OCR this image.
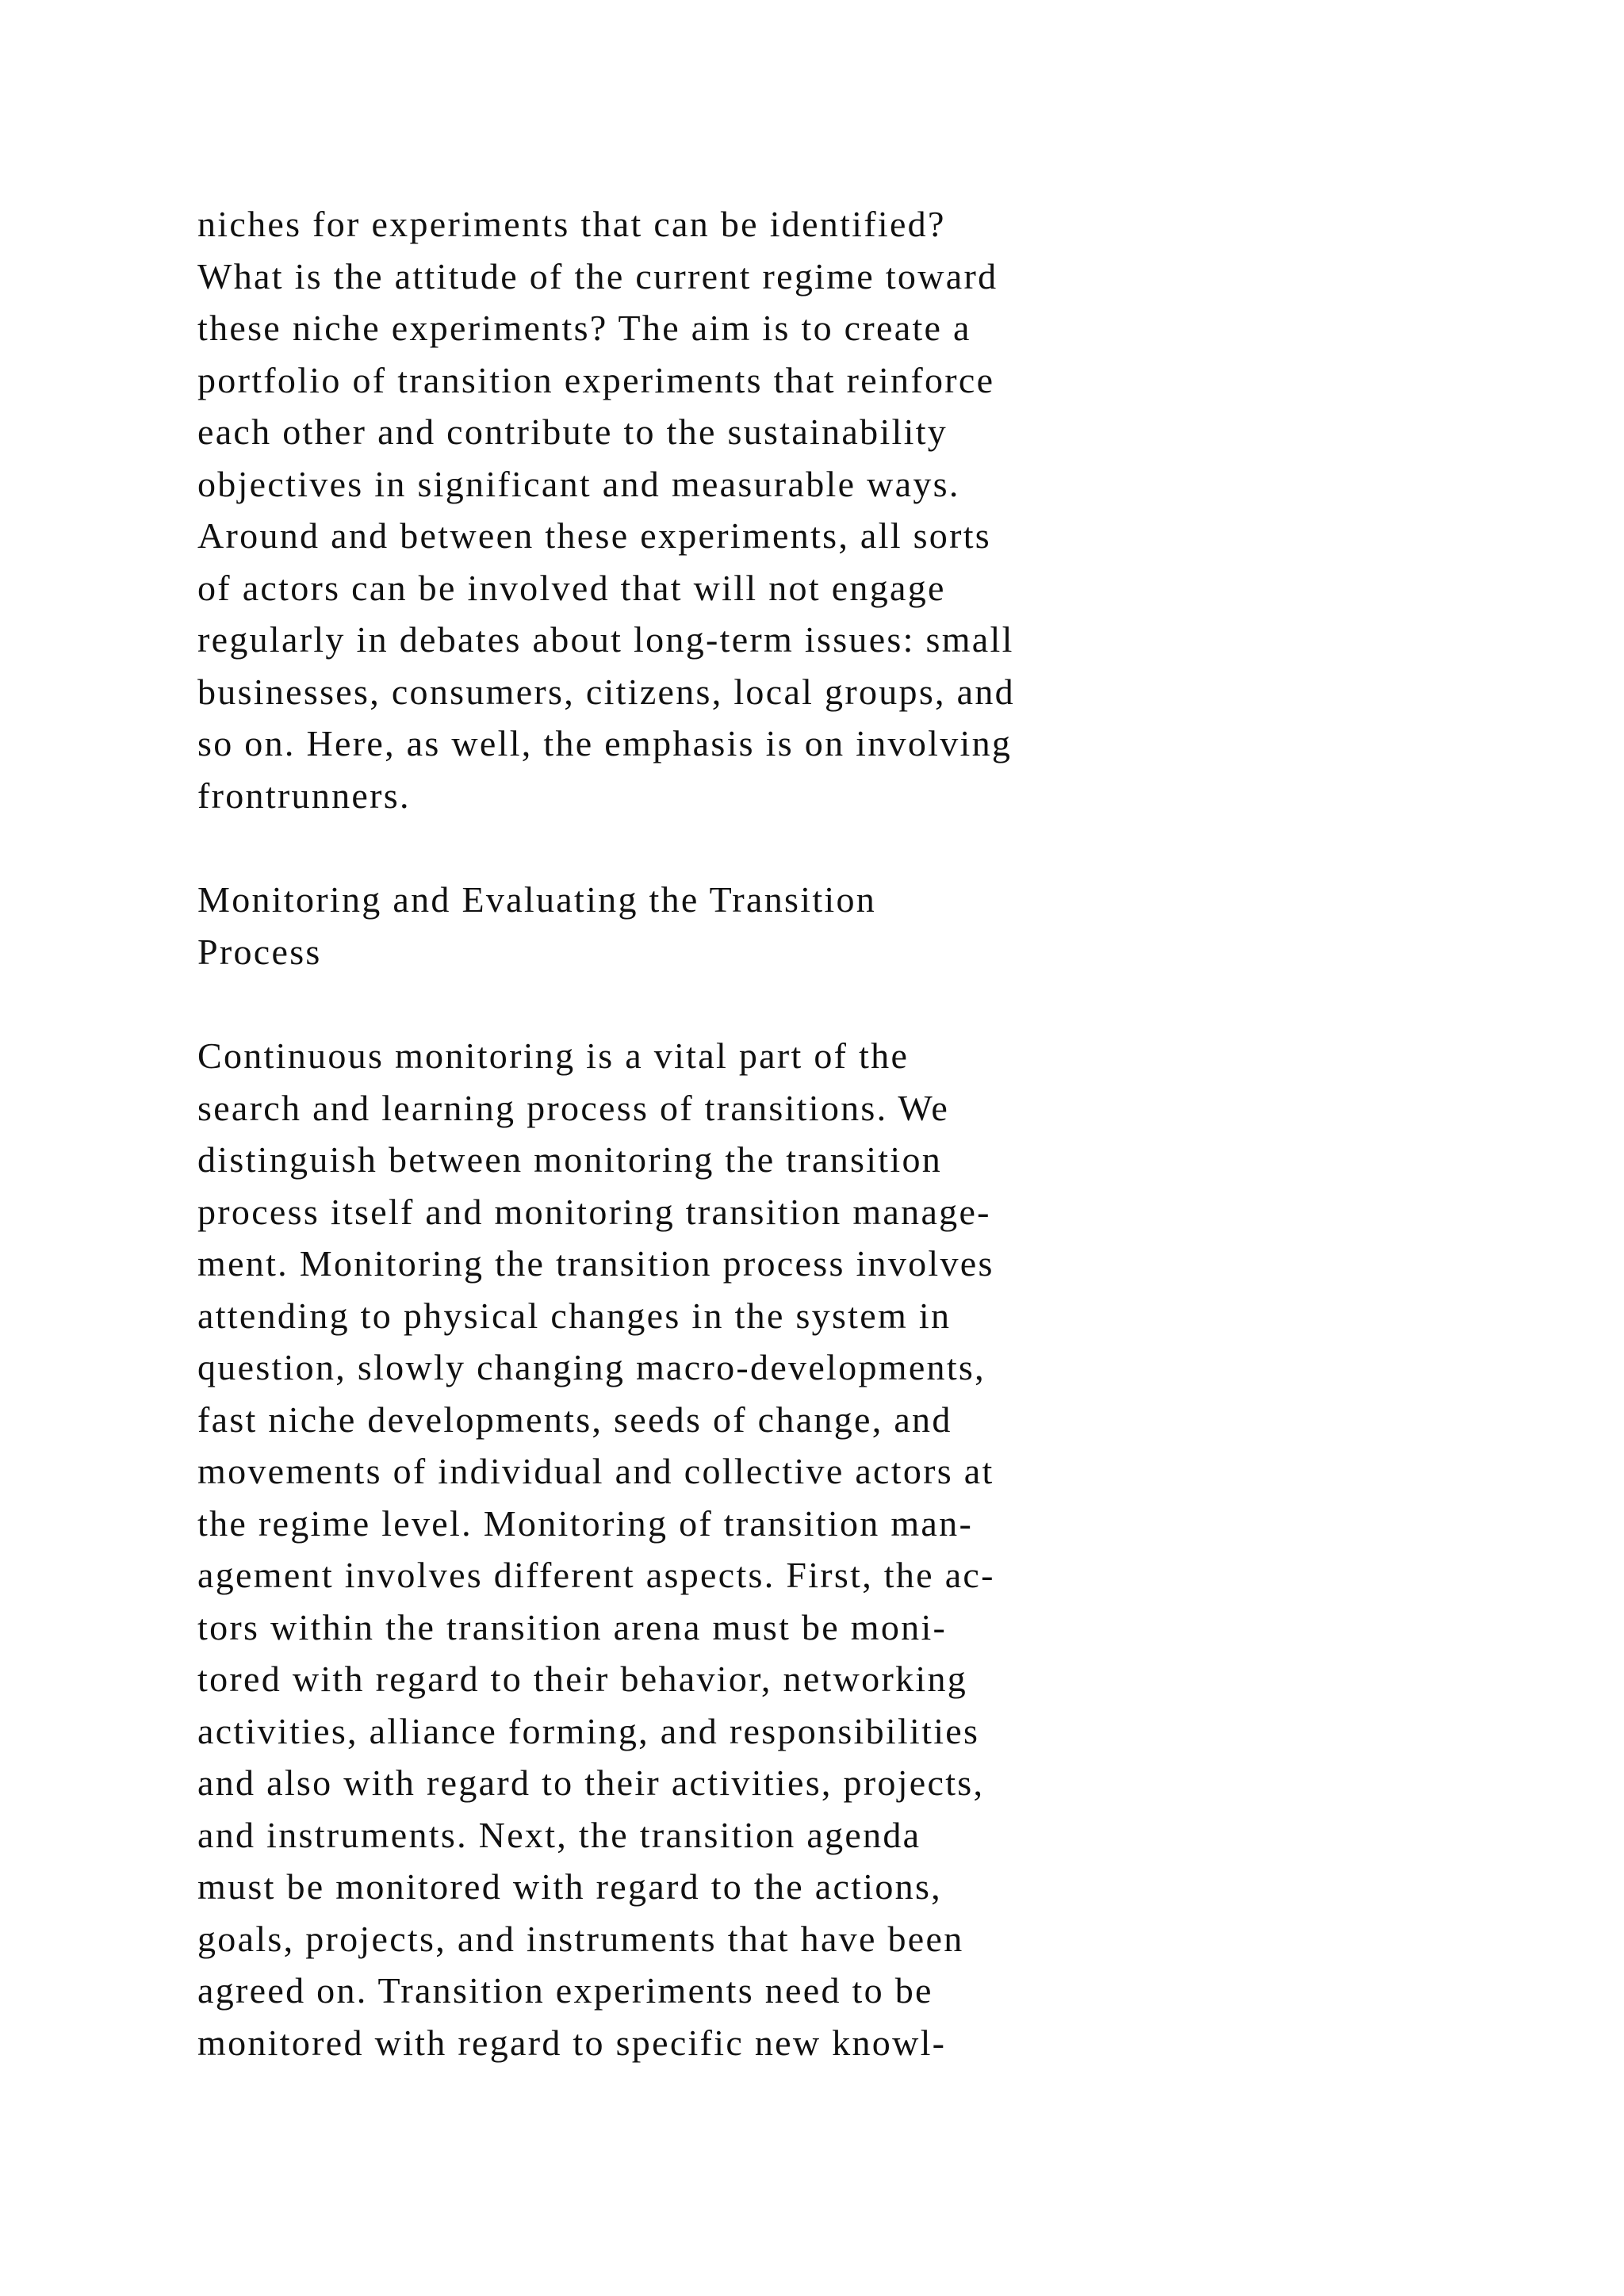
niches for experiments that can be identified?
What is the attitude of the current regime toward
these niche experiments? The aim is to create a
portfolio of transition experiments that reinforce
each other and contribute to the sustainability
objectives in significant and measurable ways.
Around and between these experiments, all sorts
of actors can be involved that will not engage
regularly in debates about long-term issues: small
businesses, consumers, citizens, local groups, and
so on. Here, as well, the emphasis is on involving
frontrunners.

Monitoring and Evaluating the Transition
Process

Continuous monitoring is a vital part of the
search and learning process of transitions. We
distinguish between monitoring the transition
process itself and monitoring transition manage-
ment. Monitoring the transition process involves
attending to physical changes in the system in
question, slowly changing macro-developments,
fast niche developments, seeds of change, and
movements of individual and collective actors at
the regime level. Monitoring of transition man-
agement involves different aspects. First, the ac-
tors within the transition arena must be moni-
tored with regard to their behavior, networking
activities, alliance forming, and responsibilities
and also with regard to their activities, projects,
and instruments. Next, the transition agenda
must be monitored with regard to the actions,
goals, projects, and instruments that have been
agreed on. Transition experiments need to be
monitored with regard to specific new knowl-
